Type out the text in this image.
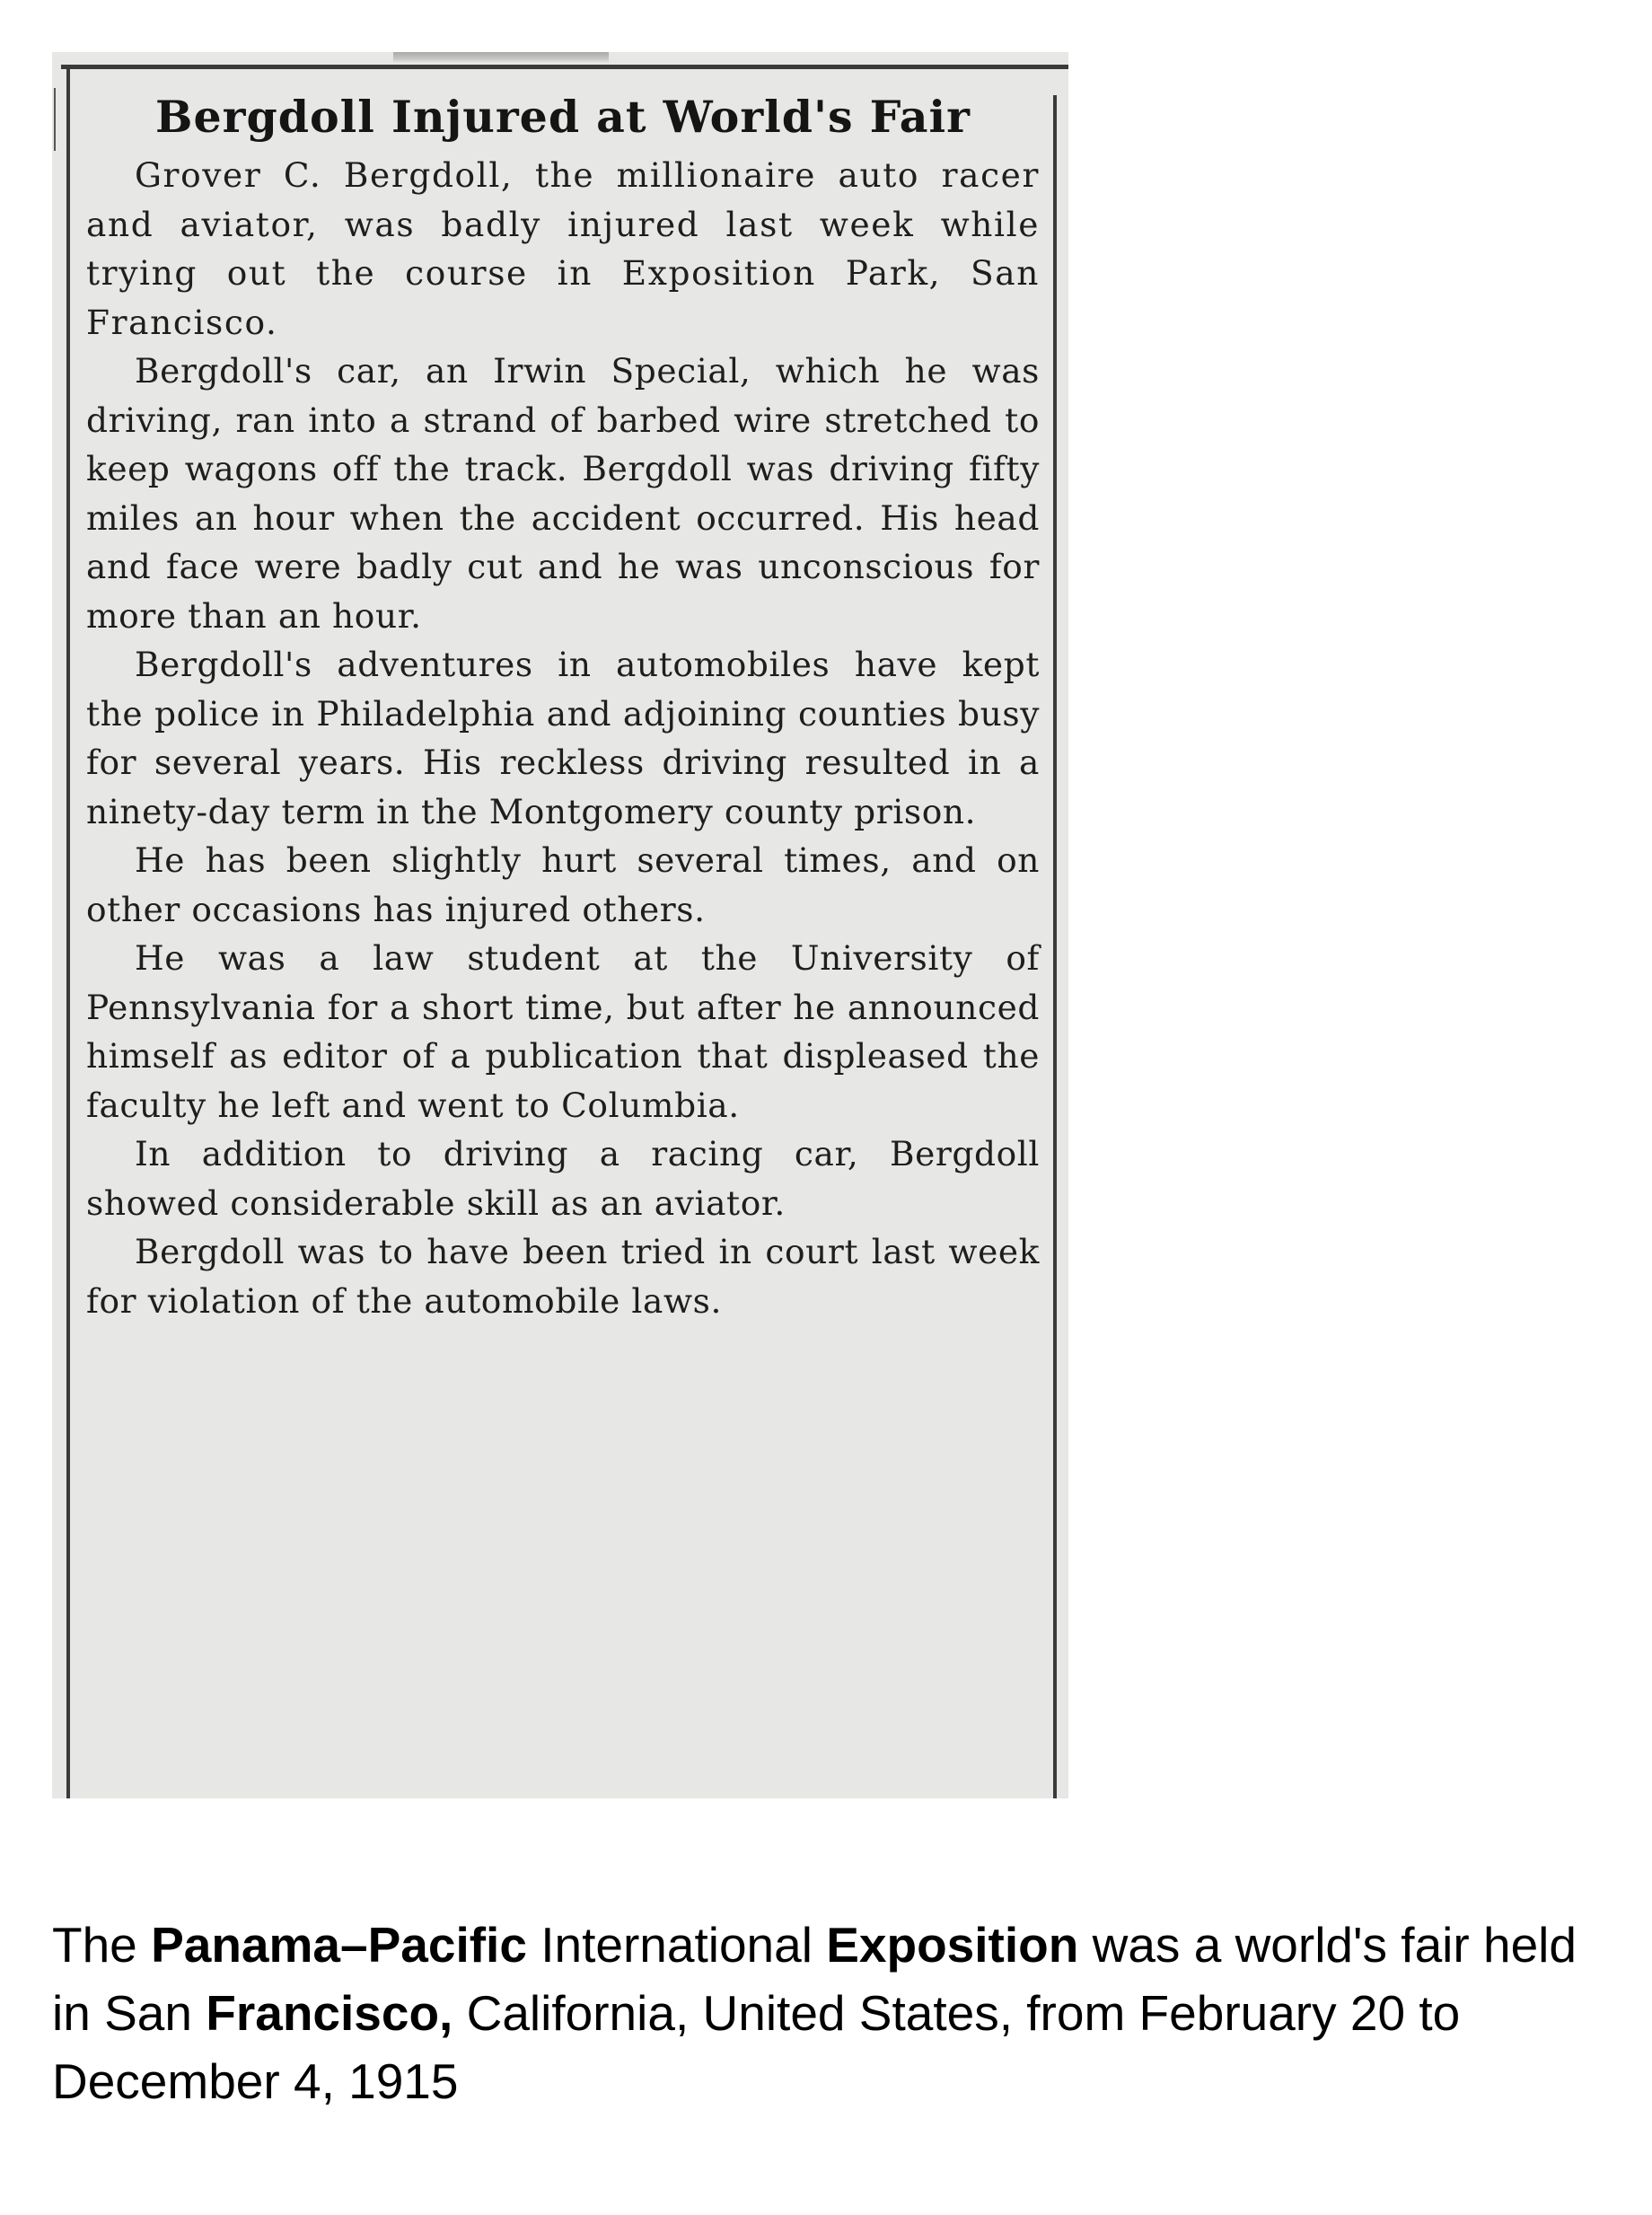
Bergdoll Injured at World's Fair

Grover C. Bergdoll, the millionaire auto racer and aviator, was badly injured last week while trying out the course in Exposition Park, San Francisco.

Bergdoll's car, an Irwin Special, which he was driving, ran into a strand of barbed wire stretched to keep wagons off the track. Bergdoll was driving fifty miles an hour when the accident occurred. His head and face were badly cut and he was unconscious for more than an hour.

Bergdoll's adventures in automobiles have kept the police in Philadelphia and adjoining counties busy for several years. His reckless driving resulted in a ninety-day term in the Montgomery county prison.

He has been slightly hurt several times, and on other occasions has injured others.

He was a law student at the University of Pennsylvania for a short time, but after he announced himself as editor of a publication that displeased the faculty he left and went to Columbia.

In addition to driving a racing car, Bergdoll showed considerable skill as an aviator.

Bergdoll was to have been tried in court last week for violation of the automobile laws.

The Panama–Pacific International Exposition was a world's fair held in San Francisco, California, United States, from February 20 to December 4, 1915
